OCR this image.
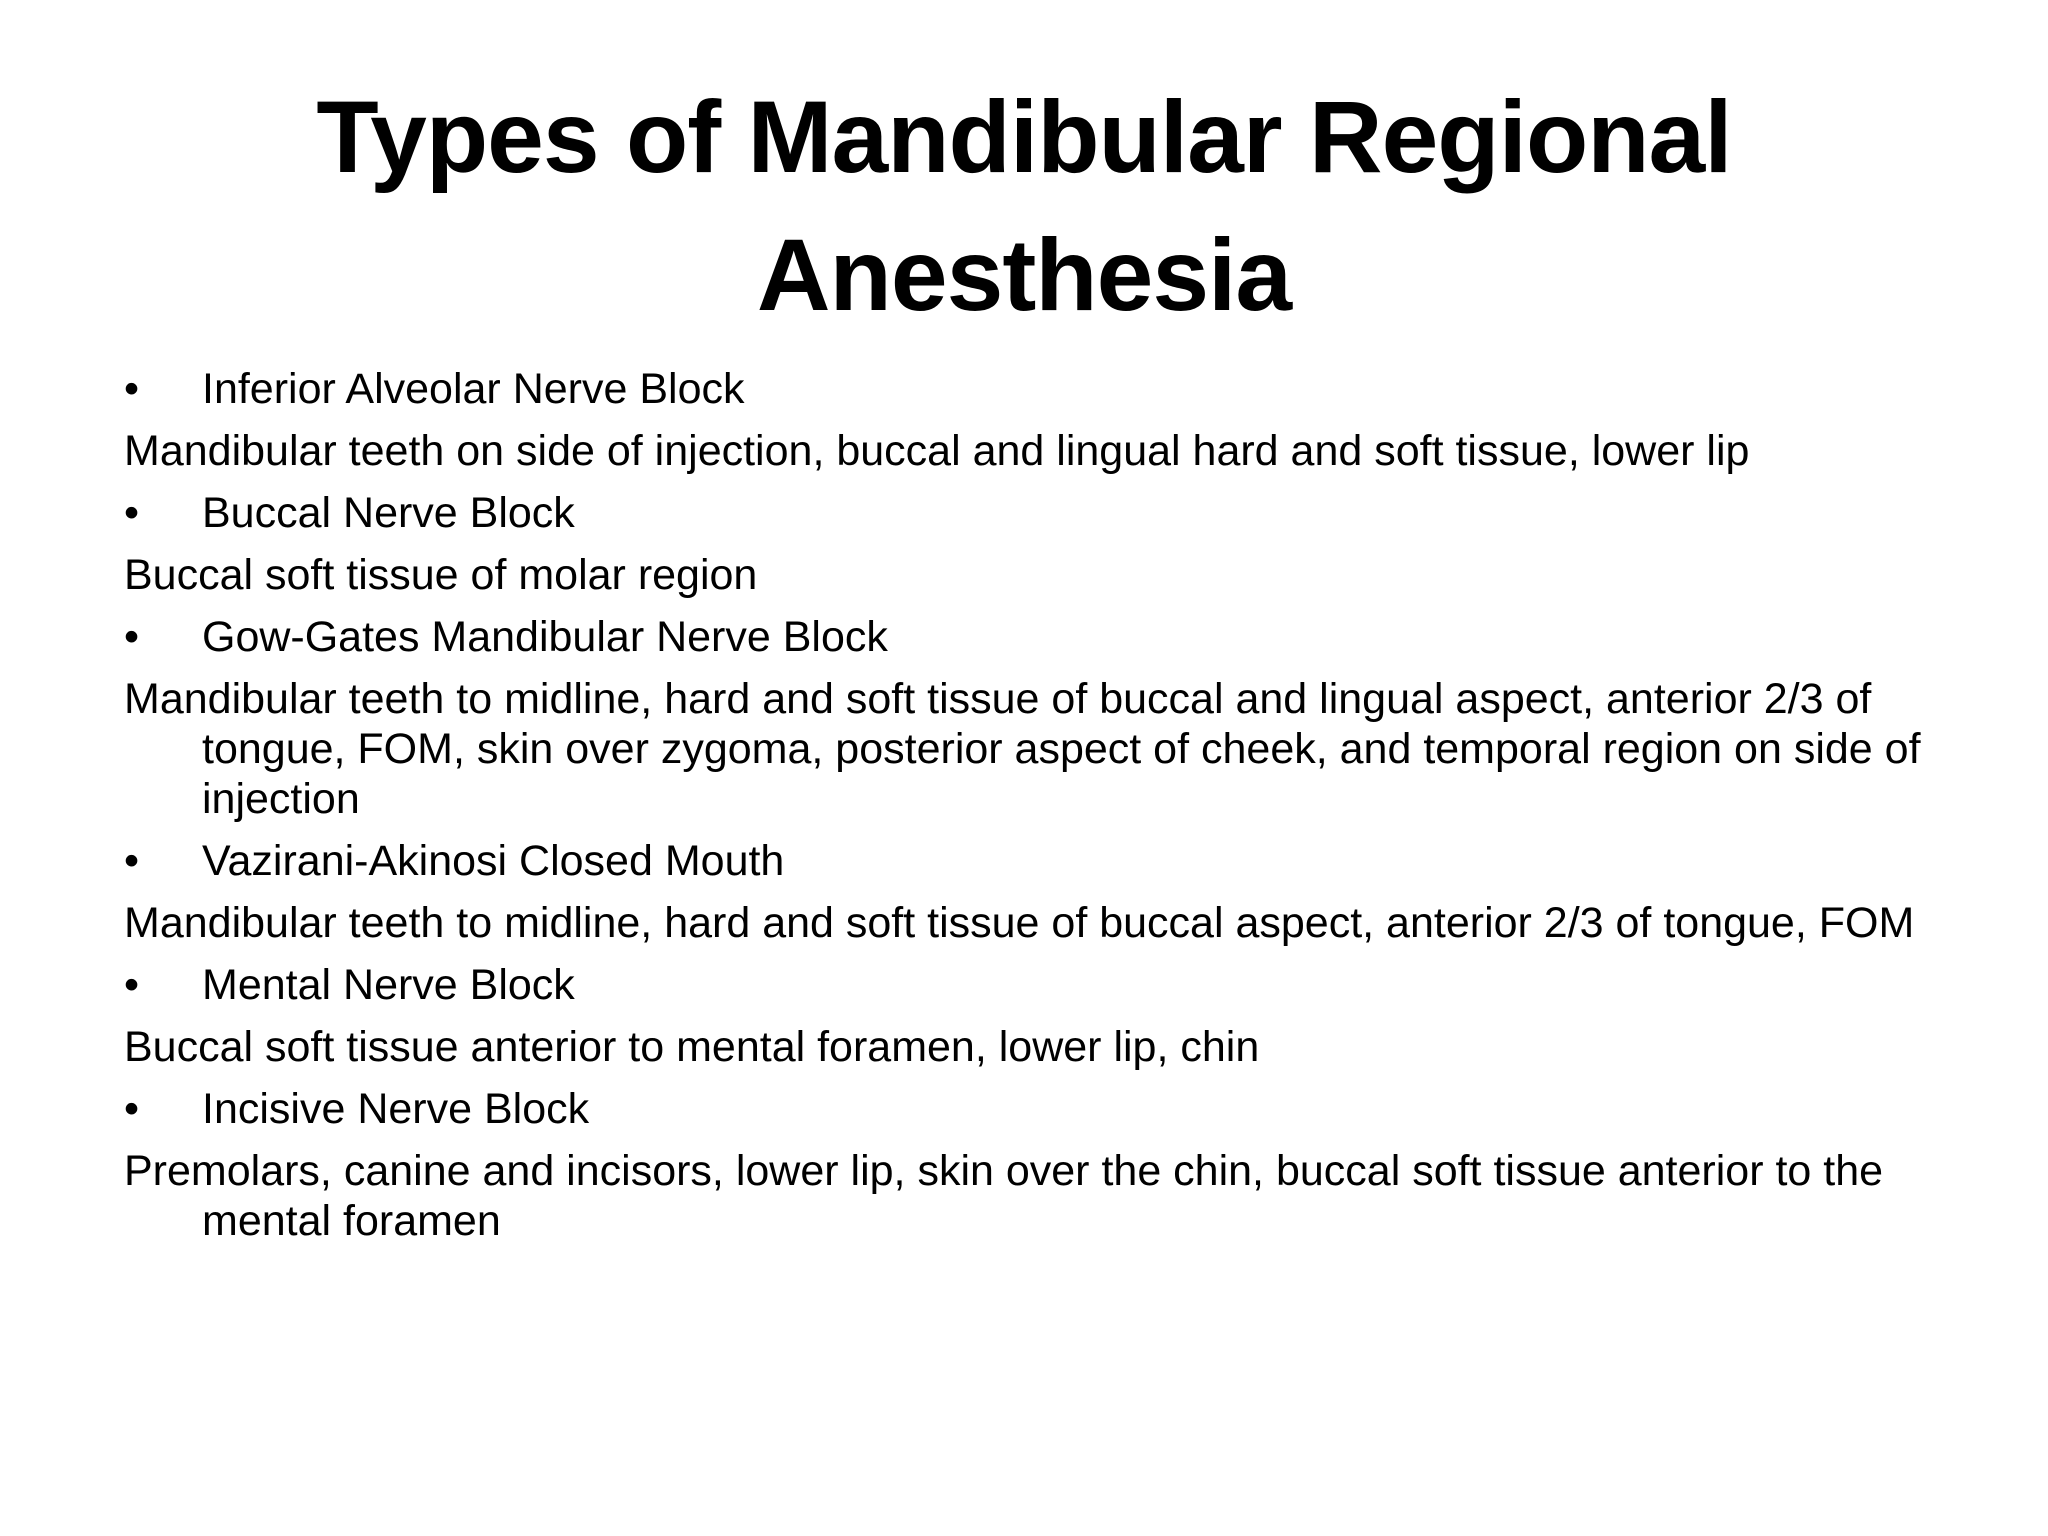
Types of Mandibular Regional Anesthesia
• Inferior Alveolar Nerve Block
Mandibular teeth on side of injection, buccal and lingual hard and soft tissue, lower lip
• Buccal Nerve Block
Buccal soft tissue of molar region
• Gow-Gates Mandibular Nerve Block
Mandibular teeth to midline, hard and soft tissue of buccal and lingual aspect, anterior 2/3 of tongue, FOM, skin over zygoma, posterior aspect of cheek, and temporal region on side of injection
• Vazirani-Akinosi Closed Mouth
Mandibular teeth to midline, hard and soft tissue of buccal aspect, anterior 2/3 of tongue, FOM
• Mental Nerve Block
Buccal soft tissue anterior to mental foramen, lower lip, chin
• Incisive Nerve Block
Premolars, canine and incisors, lower lip, skin over the chin, buccal soft tissue anterior to the mental foramen
